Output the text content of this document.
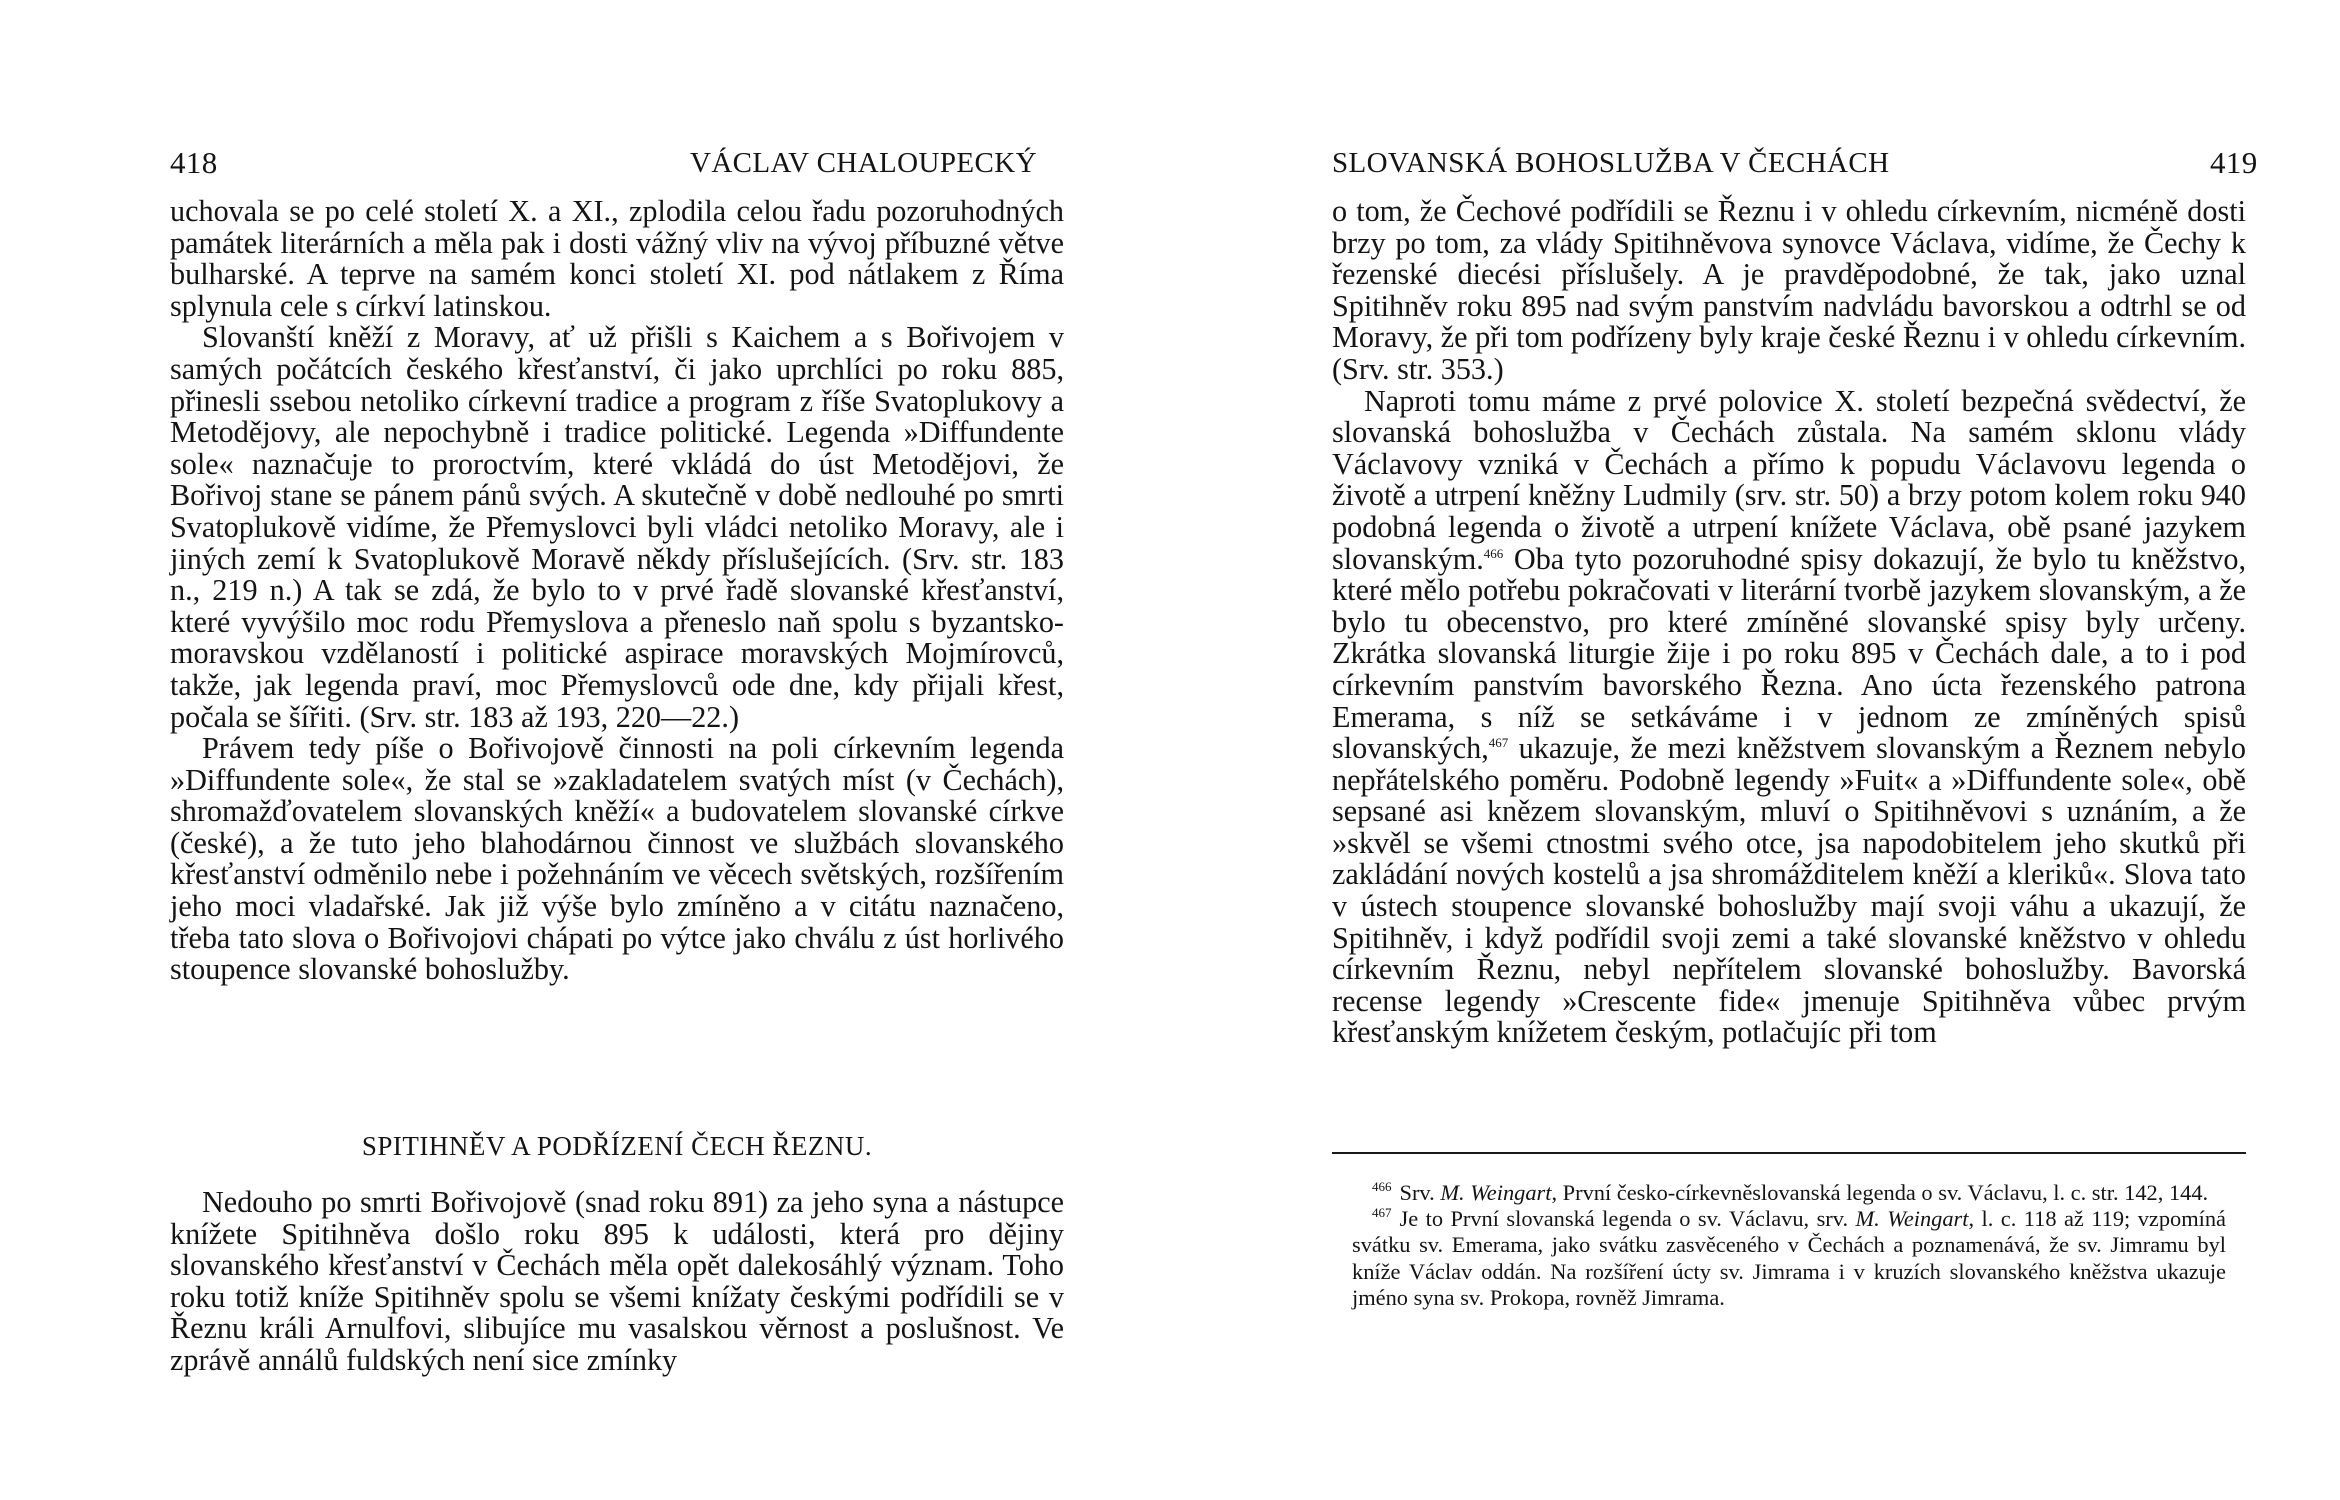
418	VÁCLAV CHALOUPECKÝ

uchovala se po celé století X. a XI., zplodila celou řadu pozoruhodných památek literárních a měla pak i dosti vážný vliv na vývoj příbuzné větve bulharské. A teprve na samém konci století XI. pod nátlakem z Říma splynula cele s církví latinskou.

Slovanští kněží z Moravy, ať už přišli s Kaichem a s Bořivojem v samých počátcích českého křesťanství, či jako uprchlíci po roku 885, přinesli ssebou netoliko církevní tradice a program z říše Svatoplukovy a Metodějovy, ale nepochybně i tradice politické. Legenda »Diffundente sole« naznačuje to proroctvím, které vkládá do úst Metodějovi, že Bořivoj stane se pánem pánů svých. A skutečně v době nedlouhé po smrti Svatoplukově vidíme, že Přemyslovci byli vládci netoliko Moravy, ale i jiných zemí k Svatoplukově Moravě někdy příslušejících. (Srv. str. 183 n., 219 n.) A tak se zdá, že bylo to v prvé řadě slovanské křesťanství, které vyvýšilo moc rodu Přemyslova a přeneslo naň spolu s byzantsko-moravskou vzdělaností i politické aspirace moravských Mojmírovců, takže, jak legenda praví, moc Přemyslovců ode dne, kdy přijali křest, počala se šířiti. (Srv. str. 183 až 193, 220—22.)

Právem tedy píše o Bořivojově činnosti na poli církevním legenda »Diffundente sole«, že stal se »zakladatelem svatých míst (v Čechách), shromažďovatelem slovanských kněží« a budovatelem slovanské církve (české), a že tuto jeho blahodárnou činnost ve službách slovanského křesťanství odměnilo nebe i požehnáním ve věcech světských, rozšířením jeho moci vladařské. Jak již výše bylo zmíněno a v citátu naznačeno, třeba tato slova o Bořivojovi chápati po výtce jako chválu z úst horlivého stoupence slovanské bohoslužby.

SPITIHNĚV A PODŘÍZENÍ ČECH ŘEZNU.

Nedouho po smrti Bořivojově (snad roku 891) za jeho syna a nástupce knížete Spitihněva došlo roku 895 k události, která pro dějiny slovanského křesťanství v Čechách měla opět dalekosáhlý význam. Toho roku totiž kníže Spitihněv spolu se všemi knížaty českými podřídili se v Řeznu králi Arnulfovi, slibujíce mu vasalskou věrnost a poslušnost. Ve zprávě annálů fuldských není sice zmínky

SLOVANSKÁ BOHOSLUŽBA V ČECHÁCH	419

o tom, že Čechové podřídili se Řeznu i v ohledu církevním, nicméně dosti brzy po tom, za vlády Spitihněvova synovce Václava, vidíme, že Čechy k řezenské diecési příslušely. A je pravděpodobné, že tak, jako uznal Spitihněv roku 895 nad svým panstvím nadvládu bavorskou a odtrhl se od Moravy, že při tom podřízeny byly kraje české Řeznu i v ohledu církevním. (Srv. str. 353.)

Naproti tomu máme z prvé polovice X. století bezpečná svědectví, že slovanská bohoslužba v Čechách zůstala. Na samém sklonu vlády Václavovy vzniká v Čechách a přímo k popudu Václavovu legenda o životě a utrpení kněžny Ludmily (srv. str. 50) a brzy potom kolem roku 940 podobná legenda o životě a utrpení knížete Václava, obě psané jazykem slovanským.$^{466}$ Oba tyto pozoruhodné spisy dokazují, že bylo tu kněžstvo, které mělo potřebu pokračovati v literární tvorbě jazykem slovanským, a že bylo tu obecenstvo, pro které zmíněné slovanské spisy byly určeny. Zkrátka slovanská liturgie žije i po roku 895 v Čechách dale, a to i pod církevním panstvím bavorského Řezna. Ano úcta řezenského patrona Emerama, s níž se setkáváme i v jednom ze zmíněných spisů slovanských,$^{467}$ ukazuje, že mezi kněžstvem slovanským a Řeznem nebylo nepřátelského poměru. Podobně legendy »Fuit« a »Diffundente sole«, obě sepsané asi knězem slovanským, mluví o Spitihněvovi s uznáním, a že »skvěl se všemi ctnostmi svého otce, jsa napodobitelem jeho skutků při zakládání nových kostelů a jsa shromážditelem kněží a kleriků«. Slova tato v ústech stoupence slovanské bohoslužby mají svoji váhu a ukazují, že Spitihněv, i když podřídil svoji zemi a také slovanské kněžstvo v ohledu církevním Řeznu, nebyl nepřítelem slovanské bohoslužby. Bavorská recense legendy »Crescente fide« jmenuje Spitihněva vůbec prvým křesťanským knížetem českým, potlačujíc při tom

$^{466}$ Srv. M. Weingart, První česko-církevněslovanská legenda o sv. Václavu, l. c. str. 142, 144.

$^{467}$ Je to První slovanská legenda o sv. Václavu, srv. M. Weingart, l. c. 118 až 119; vzpomíná svátku sv. Emerama, jako svátku zasvěceného v Čechách a poznamenává, že sv. Jimramu byl kníže Václav oddán. Na rozšíření úcty sv. Jimrama i v kruzích slovanského kněžstva ukazuje jméno syna sv. Prokopa, rovněž Jimrama.
